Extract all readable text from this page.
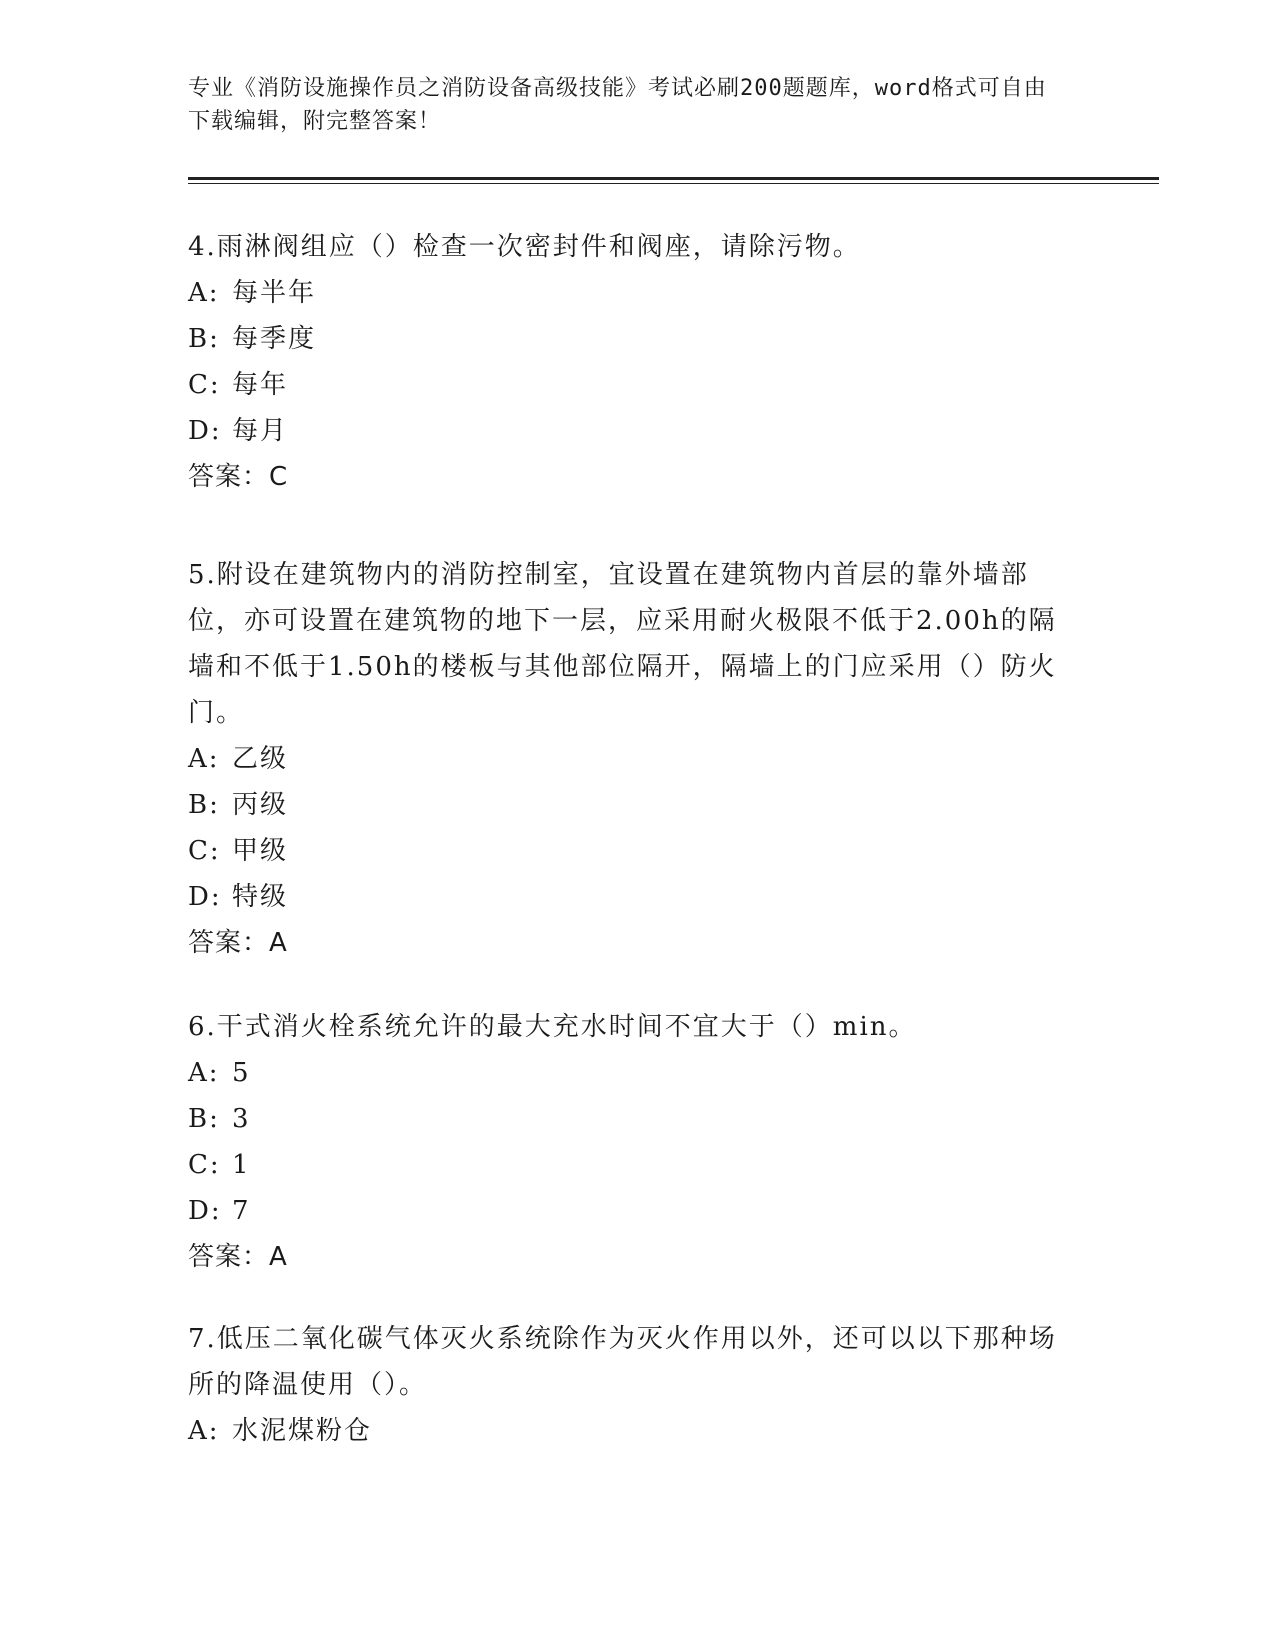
专业《消防设施操作员之消防设备高级技能》考试必刷200题题库，word格式可自由下载编辑，附完整答案！

4.雨淋阀组应（）检查一次密封件和阀座，请除污物。

A: 每半年

B: 每季度

C: 每年

D: 每月

答案：C

5.附设在建筑物内的消防控制室，宜设置在建筑物内首层的靠外墙部位，亦可设置在建筑物的地下一层，应采用耐火极限不低于2.00h的隔墙和不低于1.50h的楼板与其他部位隔开，隔墙上的门应采用（）防火门。

A: 乙级

B: 丙级

C: 甲级

D: 特级

答案：A

6.干式消火栓系统允许的最大充水时间不宜大于（）min。

A: 5

B: 3

C: 1

D: 7

答案：A

7.低压二氧化碳气体灭火系统除作为灭火作用以外，还可以以下那种场所的降温使用（）。

A: 水泥煤粉仓
